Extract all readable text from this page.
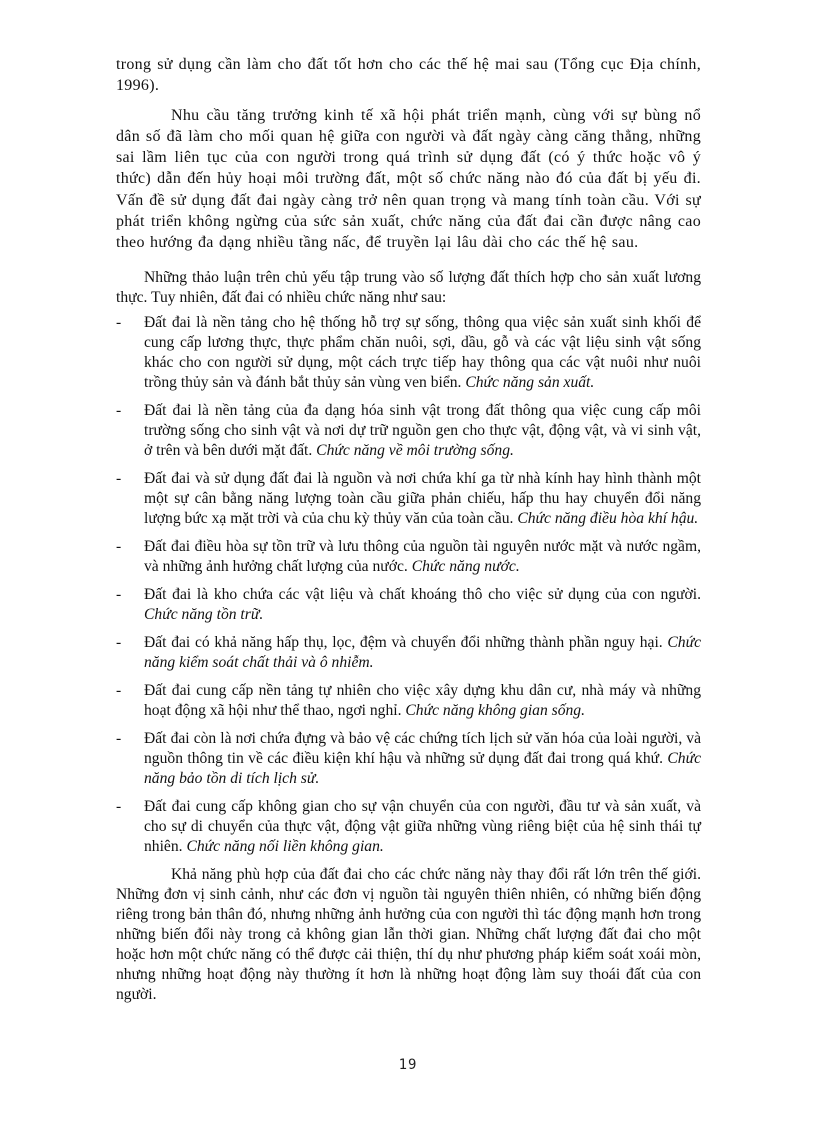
trong sử dụng cần làm cho đất tốt hơn cho các thế hệ mai sau (Tổng cục Địa chính, 1996).

Nhu cầu tăng trưởng kinh tế xã hội phát triển mạnh, cùng với sự bùng nổ dân số đã làm cho mối quan hệ giữa con người và đất ngày càng căng thẳng, những sai lầm liên tục của con người trong quá trình sử dụng đất (có ý thức hoặc vô ý thức) dẫn đến hủy hoại môi trường đất, một số chức năng nào đó của đất bị yếu đi. Vấn đề sử dụng đất đai ngày càng trở nên quan trọng và mang tính toàn cầu. Với sự phát triển không ngừng của sức sản xuất, chức năng của đất đai cần được nâng cao theo hướng đa dạng nhiều tầng nấc, để truyền lại lâu dài cho các thế hệ sau.

Những thảo luận trên chủ yếu tập trung vào số lượng đất thích hợp cho sản xuất lương thực. Tuy nhiên, đất đai có nhiều chức năng như sau:

- Đất đai là nền tảng cho hệ thống hỗ trợ sự sống, thông qua việc sản xuất sinh khối để cung cấp lương thực, thực phẩm chăn nuôi, sợi, dầu, gỗ và các vật liệu sinh vật sống khác cho con người sử dụng, một cách trực tiếp hay thông qua các vật nuôi như nuôi trồng thủy sản và đánh bắt thủy sản vùng ven biển. Chức năng sản xuất.
- Đất đai là nền tảng của đa dạng hóa sinh vật trong đất thông qua việc cung cấp môi trường sống cho sinh vật và nơi dự trữ nguồn gen cho thực vật, động vật, và vi sinh vật, ở trên và bên dưới mặt đất. Chức năng về môi trường sống.
- Đất đai và sử dụng đất đai là nguồn và nơi chứa khí ga từ nhà kính hay hình thành một một sự cân bằng năng lượng toàn cầu giữa phản chiếu, hấp thu hay chuyển đổi năng lượng bức xạ mặt trời và của chu kỳ thủy văn của toàn cầu. Chức năng điều hòa khí hậu.
- Đất đai điều hòa sự tồn trữ và lưu thông của nguồn tài nguyên nước mặt và nước ngầm, và những ảnh hưởng chất lượng của nước. Chức năng nước.
- Đất đai là kho chứa các vật liệu và chất khoáng thô cho việc sử dụng của con người. Chức năng tồn trữ.
- Đất đai có khả năng hấp thụ, lọc, đệm và chuyển đổi những thành phần nguy hại. Chức năng kiểm soát chất thải và ô nhiễm.
- Đất đai cung cấp nền tảng tự nhiên cho việc xây dựng khu dân cư, nhà máy và những hoạt động xã hội như thể thao, ngơi nghỉ. Chức năng không gian sống.
- Đất đai còn là nơi chứa đựng và bảo vệ các chứng tích lịch sử văn hóa của loài người, và nguồn thông tin về các điều kiện khí hậu và những sử dụng đất đai trong quá khứ. Chức năng bảo tồn di tích lịch sử.
- Đất đai cung cấp không gian cho sự vận chuyển của con người, đầu tư và sản xuất, và cho sự di chuyển của thực vật, động vật giữa những vùng riêng biệt của hệ sinh thái tự nhiên. Chức năng nối liền không gian.

Khả năng phù hợp của đất đai cho các chức năng này thay đổi rất lớn trên thế giới. Những đơn vị sinh cảnh, như các đơn vị nguồn tài nguyên thiên nhiên, có những biến động riêng trong bản thân đó, nhưng những ảnh hưởng của con người thì tác động mạnh hơn trong những biến đổi này trong cả không gian lẫn thời gian. Những chất lượng đất đai cho một hoặc hơn một chức năng có thể được cải thiện, thí dụ như phương pháp kiểm soát xoái mòn, nhưng những hoạt động này thường ít hơn là những hoạt động làm suy thoái đất của con người.

19
